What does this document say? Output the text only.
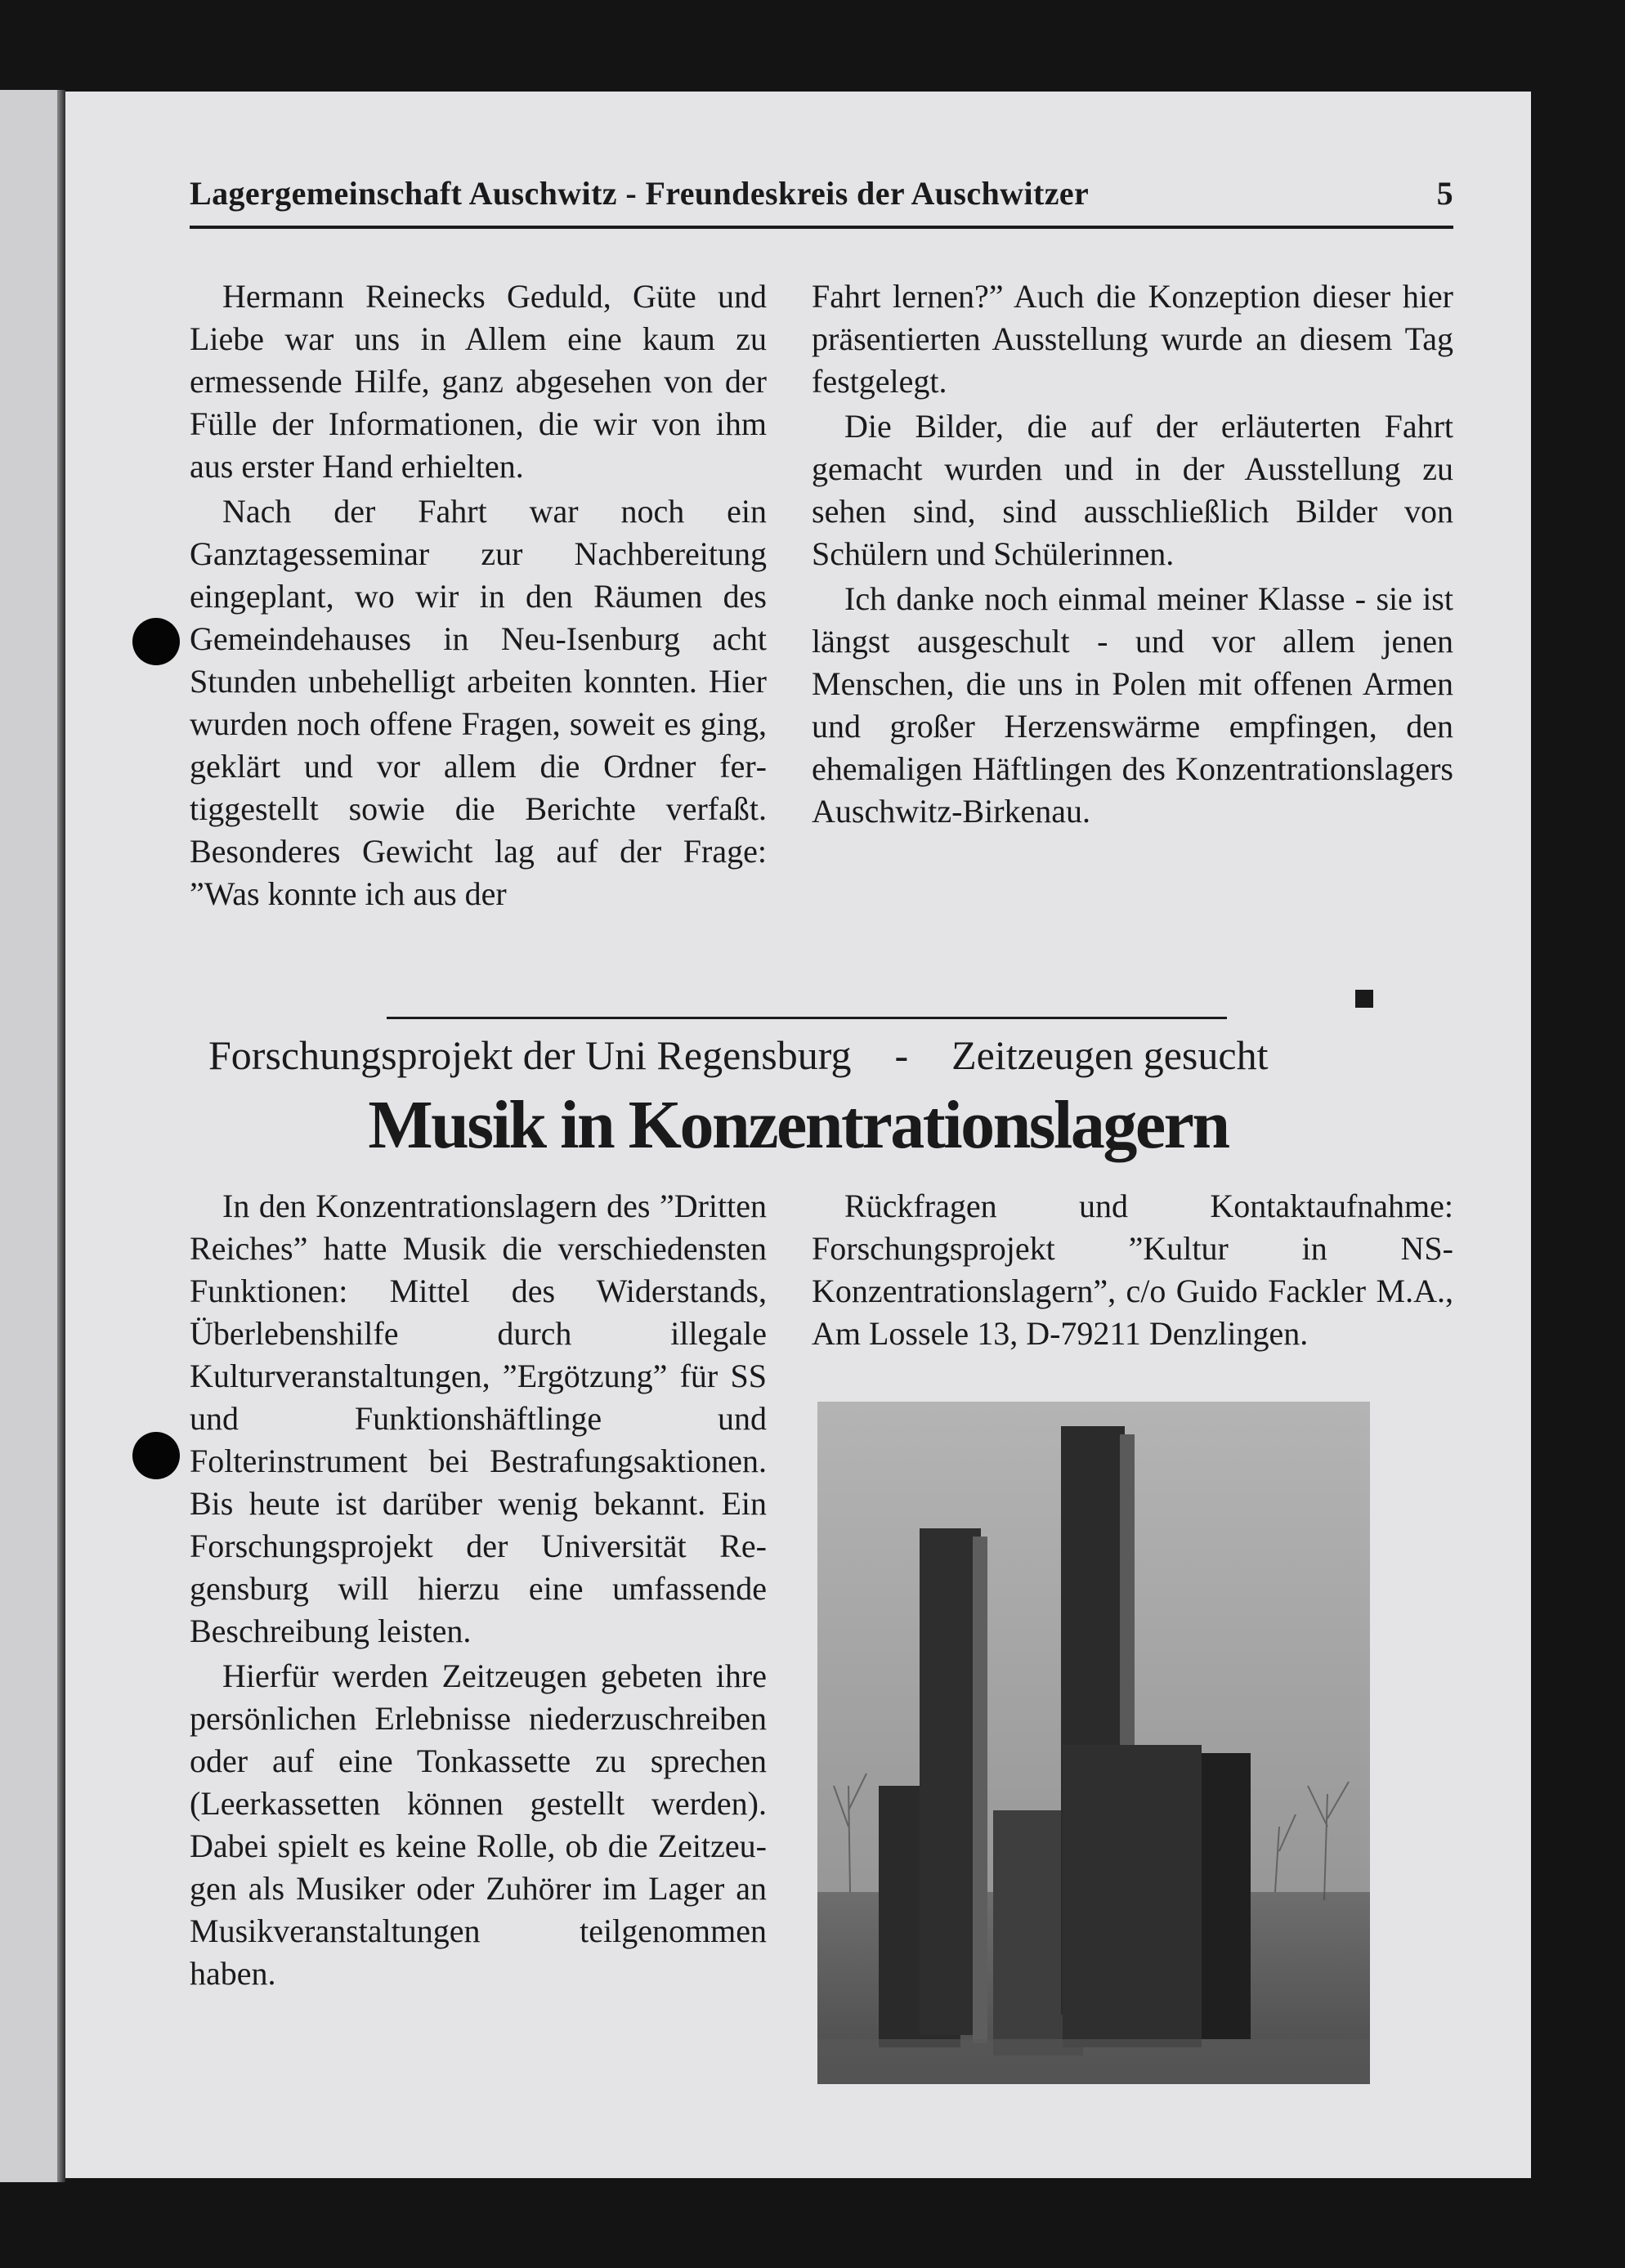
Lagergemeinschaft Auschwitz - Freundeskreis der Auschwitzer	5

Hermann Reinecks Geduld, Güte und Liebe war uns in Allem eine kaum zu ermessende Hilfe, ganz abgesehen von der Fülle der Informationen, die wir von ihm aus erster Hand erhielten.

Nach der Fahrt war noch ein Ganztagesseminar zur Nachbereitung eingeplant, wo wir in den Räumen des Gemeindehauses in Neu-Isenburg acht Stunden unbehelligt arbeiten konnten. Hier wurden noch offene Fragen, soweit es ging, geklärt und vor allem die Ordner fertiggestellt sowie die Berichte verfaßt. Besonderes Gewicht lag auf der Frage: ”Was konnte ich aus der

Fahrt lernen?” Auch die Konzeption dieser hier präsentierten Ausstellung wurde an diesem Tag festgelegt.

Die Bilder, die auf der erläuterten Fahrt gemacht wurden und in der Ausstellung zu sehen sind, sind ausschließlich Bilder von Schülern und Schülerinnen.

Ich danke noch einmal meiner Klasse - sie ist längst ausgeschult - und vor allem jenen Menschen, die uns in Polen mit offenen Armen und großer Herzenswärme empfingen, den ehemaligen Häftlingen des Konzentrationslagers Auschwitz-Birkenau.

Forschungsprojekt der Uni Regensburg - Zeitzeugen gesucht
Musik in Konzentrationslagern

In den Konzentrationslagern des ”Dritten Reiches” hatte Musik die verschiedensten Funktionen: Mittel des Widerstands, Überlebenshilfe durch illegale Kulturveranstaltungen, ”Ergötzung” für SS und Funktionshäftlinge und Folterinstrument bei Bestrafungsaktionen. Bis heute ist darüber wenig bekannt. Ein Forschungsprojekt der Universität Regensburg will hierzu eine umfassende Beschreibung leisten.

Hierfür werden Zeitzeugen gebeten ihre persönlichen Erlebnisse niederzuschreiben oder auf eine Tonkassette zu sprechen (Leerkassetten können gestellt werden). Dabei spielt es keine Rolle, ob die Zeitzeugen als Musiker oder Zuhörer im Lager an Musikveranstaltungen teilgenommen haben.

Rückfragen und Kontaktaufnahme: Forschungsprojekt ”Kultur in NS-Konzentrationslagern”, c/o Guido Fackler M.A., Am Lossele 13, D-79211 Denzlingen.
